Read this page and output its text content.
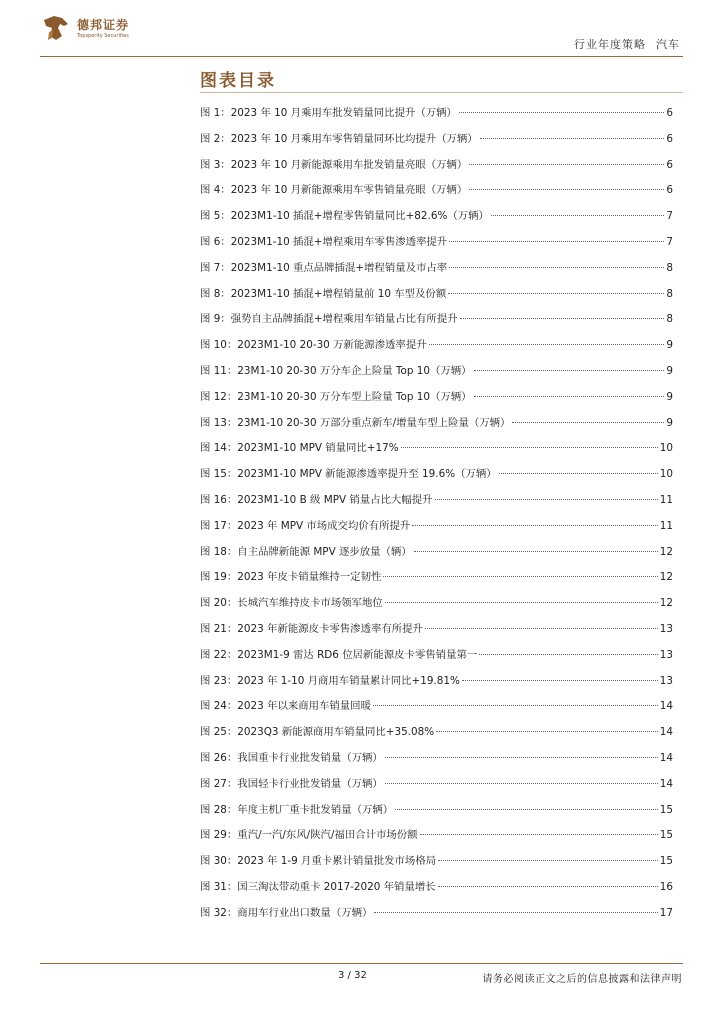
德邦证券
Topsperity Securities
行业年度策略 汽车
图表目录
图 1：2023 年 10 月乘用车批发销量同比提升（万辆）	6
图 2：2023 年 10 月乘用车零售销量同环比均提升（万辆）	6
图 3：2023 年 10 月新能源乘用车批发销量亮眼（万辆）	6
图 4：2023 年 10 月新能源乘用车零售销量亮眼（万辆）	6
图 5：2023M1-10 插混+增程零售销量同比+82.6%（万辆）	7
图 6：2023M1-10 插混+增程乘用车零售渗透率提升	7
图 7：2023M1-10 重点品牌插混+增程销量及市占率	8
图 8：2023M1-10 插混+增程销量前 10 车型及份额	8
图 9：强势自主品牌插混+增程乘用车销量占比有所提升	8
图 10：2023M1-10 20-30 万新能源渗透率提升	9
图 11：23M1-10 20-30 万分车企上险量 Top 10（万辆）	9
图 12：23M1-10 20-30 万分车型上险量 Top 10（万辆）	9
图 13：23M1-10 20-30 万部分重点新车/增量车型上险量（万辆）	9
图 14：2023M1-10 MPV 销量同比+17%	10
图 15：2023M1-10 MPV 新能源渗透率提升至 19.6%（万辆）	10
图 16：2023M1-10 B 级 MPV 销量占比大幅提升	11
图 17：2023 年 MPV 市场成交均价有所提升	11
图 18：自主品牌新能源 MPV 逐步放量（辆）	12
图 19：2023 年皮卡销量维持一定韧性	12
图 20：长城汽车维持皮卡市场领军地位	12
图 21：2023 年新能源皮卡零售渗透率有所提升	13
图 22：2023M1-9 雷达 RD6 位居新能源皮卡零售销量第一	13
图 23：2023 年 1-10 月商用车销量累计同比+19.81%	13
图 24：2023 年以来商用车销量回暖	14
图 25：2023Q3 新能源商用车销量同比+35.08%	14
图 26：我国重卡行业批发销量（万辆）	14
图 27：我国轻卡行业批发销量（万辆）	14
图 28：年度主机厂重卡批发销量（万辆）	15
图 29：重汽/一汽/东风/陕汽/福田合计市场份额	15
图 30：2023 年 1-9 月重卡累计销量批发市场格局	15
图 31：国三淘汰带动重卡 2017-2020 年销量增长	16
图 32：商用车行业出口数量（万辆）	17
3 / 32	请务必阅读正文之后的信息披露和法律声明
